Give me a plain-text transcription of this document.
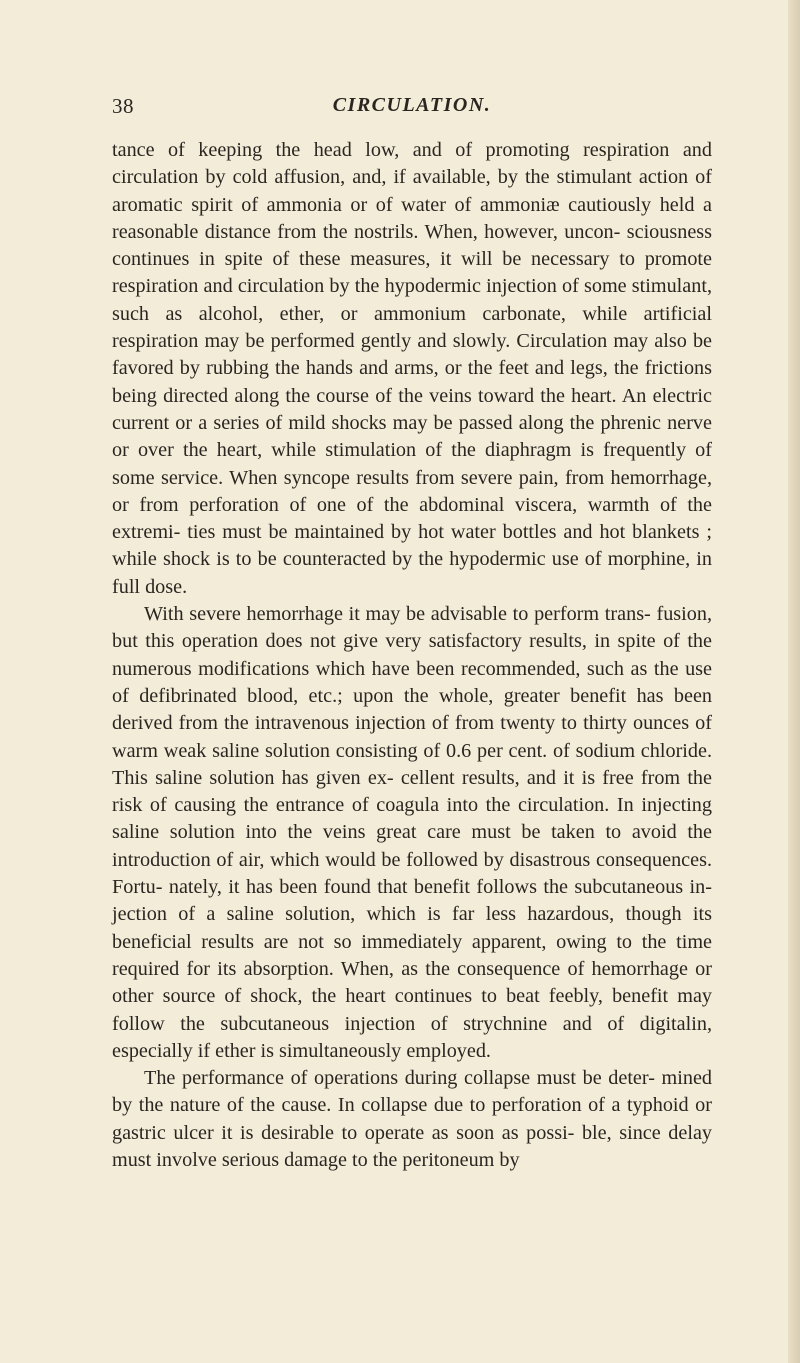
38	CIRCULATION.

tance of keeping the head low, and of promoting respiration and circulation by cold affusion, and, if available, by the stimulant action of aromatic spirit of ammonia or of water of ammoniæ cautiously held a reasonable distance from the nostrils. When, however, uncon- sciousness continues in spite of these measures, it will be necessary to promote respiration and circulation by the hypodermic injection of some stimulant, such as alcohol, ether, or ammonium carbonate, while artificial respiration may be performed gently and slowly. Circulation may also be favored by rubbing the hands and arms, or the feet and legs, the frictions being directed along the course of the veins toward the heart. An electric current or a series of mild shocks may be passed along the phrenic nerve or over the heart, while stimulation of the diaphragm is frequently of some service. When syncope results from severe pain, from hemorrhage, or from perforation of one of the abdominal viscera, warmth of the extremi- ties must be maintained by hot water bottles and hot blankets ; while shock is to be counteracted by the hypodermic use of morphine, in full dose.

With severe hemorrhage it may be advisable to perform trans- fusion, but this operation does not give very satisfactory results, in spite of the numerous modifications which have been recommended, such as the use of defibrinated blood, etc.; upon the whole, greater benefit has been derived from the intravenous injection of from twenty to thirty ounces of warm weak saline solution consisting of 0.6 per cent. of sodium chloride. This saline solution has given ex- cellent results, and it is free from the risk of causing the entrance of coagula into the circulation. In injecting saline solution into the veins great care must be taken to avoid the introduction of air, which would be followed by disastrous consequences. Fortu- nately, it has been found that benefit follows the subcutaneous in- jection of a saline solution, which is far less hazardous, though its beneficial results are not so immediately apparent, owing to the time required for its absorption. When, as the consequence of hemorrhage or other source of shock, the heart continues to beat feebly, benefit may follow the subcutaneous injection of strychnine and of digitalin, especially if ether is simultaneously employed.

The performance of operations during collapse must be deter- mined by the nature of the cause. In collapse due to perforation of a typhoid or gastric ulcer it is desirable to operate as soon as possi- ble, since delay must involve serious damage to the peritoneum by
